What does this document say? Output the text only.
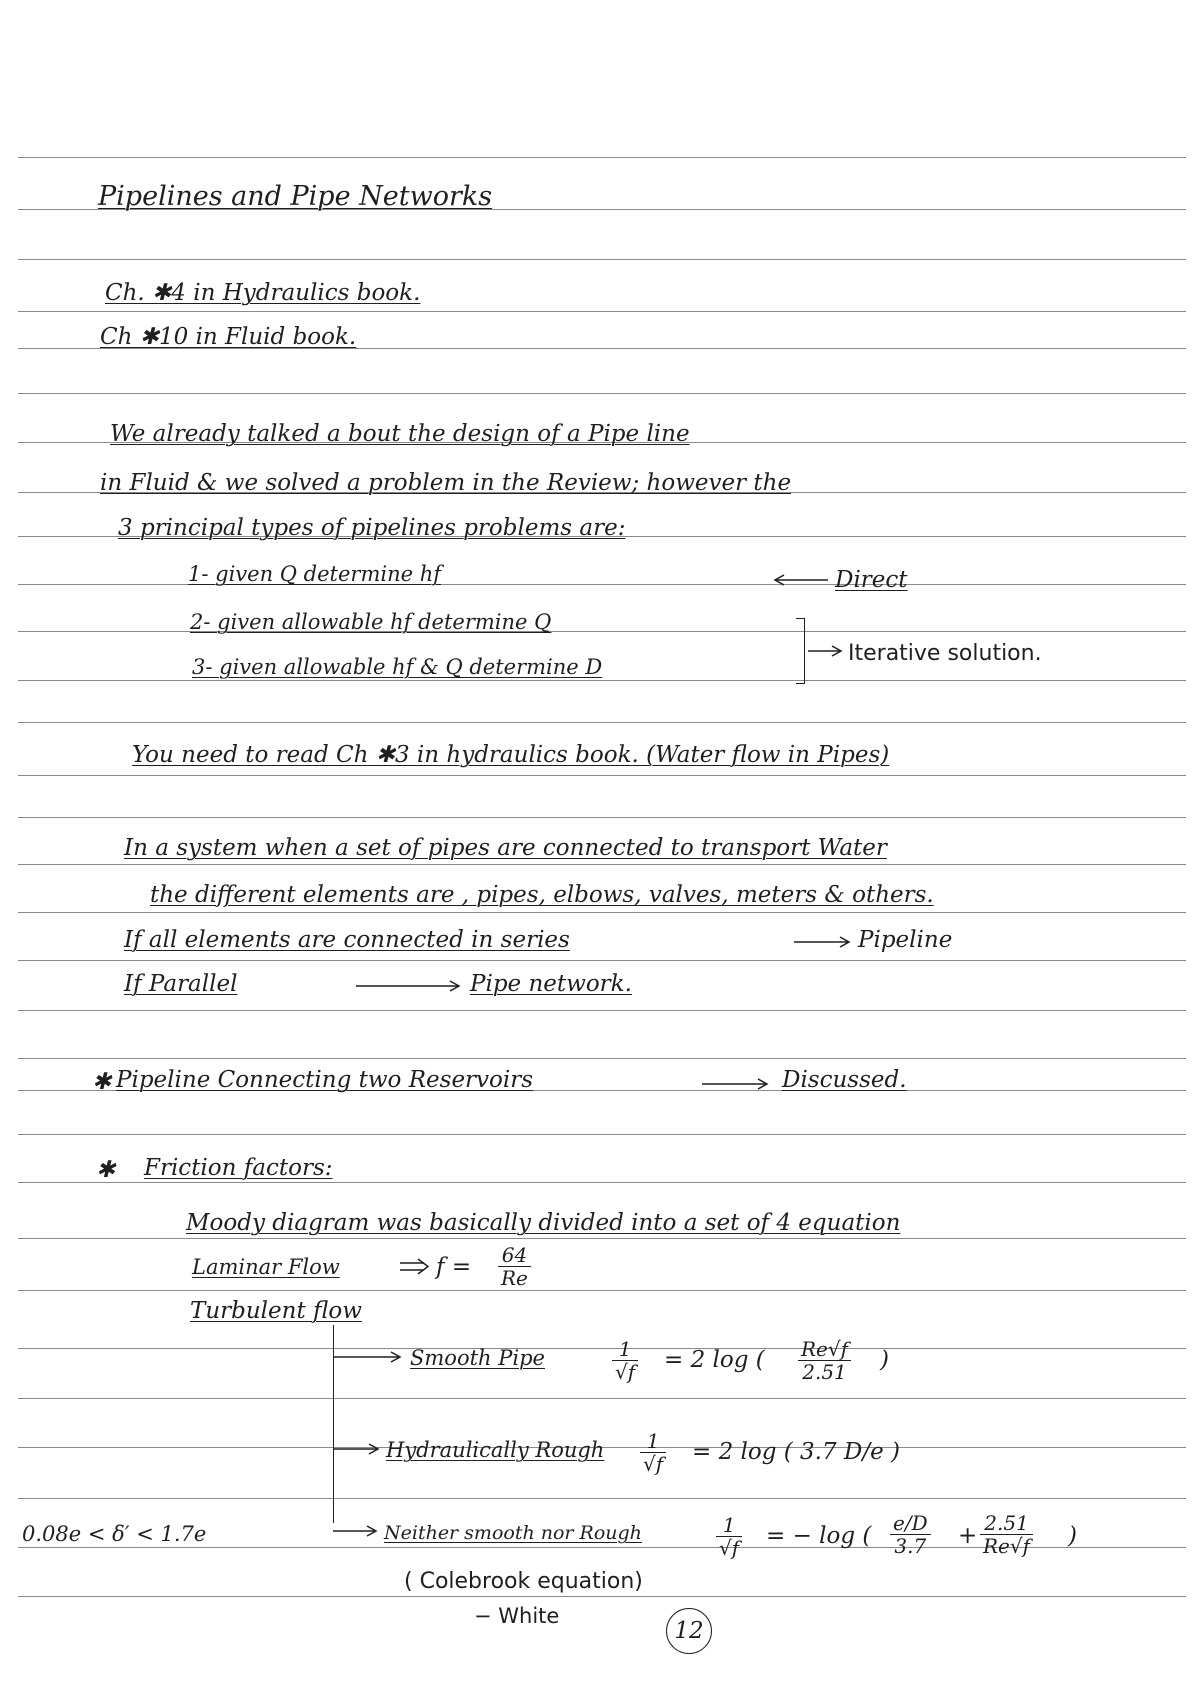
Pipelines and Pipe Networks
Ch. ✱4 in Hydraulics book.
Ch ✱10 in Fluid book.
We already talked a bout the design of a Pipe line
in Fluid & we solved a problem in the Review; however the
3 principal types of pipelines problems are:
1- given Q determine hf
2- given allowable hf determine Q
3- given allowable hf & Q determine D
Direct
Iterative solution.
You need to read Ch ✱3 in hydraulics book. (Water flow in Pipes)
In a system when a set of pipes are connected to transport Water
the different elements are , pipes, elbows, valves, meters & others.
If all elements are connected in series	Pipeline
If Parallel	Pipe network.
✱ Pipeline Connecting two Reservoirs	Discussed.
✱ Friction factors:
Moody diagram was basically divided into a set of 4 equation
Laminar Flow	$f = \frac{64}{Re}$
Turbulent flow
Smooth Pipe	$\frac{1}{√f} = 2$ log ( $\frac{Re√f}{2.51}$ )
Hydraulically Rough $\frac{1}{√f} = 2$ log ( 3.7 D/e )
0.08e < δ′ < 1.7e	Neither smooth nor Rough	$\frac{1}{√f}$ = − log ( $\frac{e/D}{3.7} + \frac{2.51}{Re√f}$ )
( Colebrook equation)
− White
12
